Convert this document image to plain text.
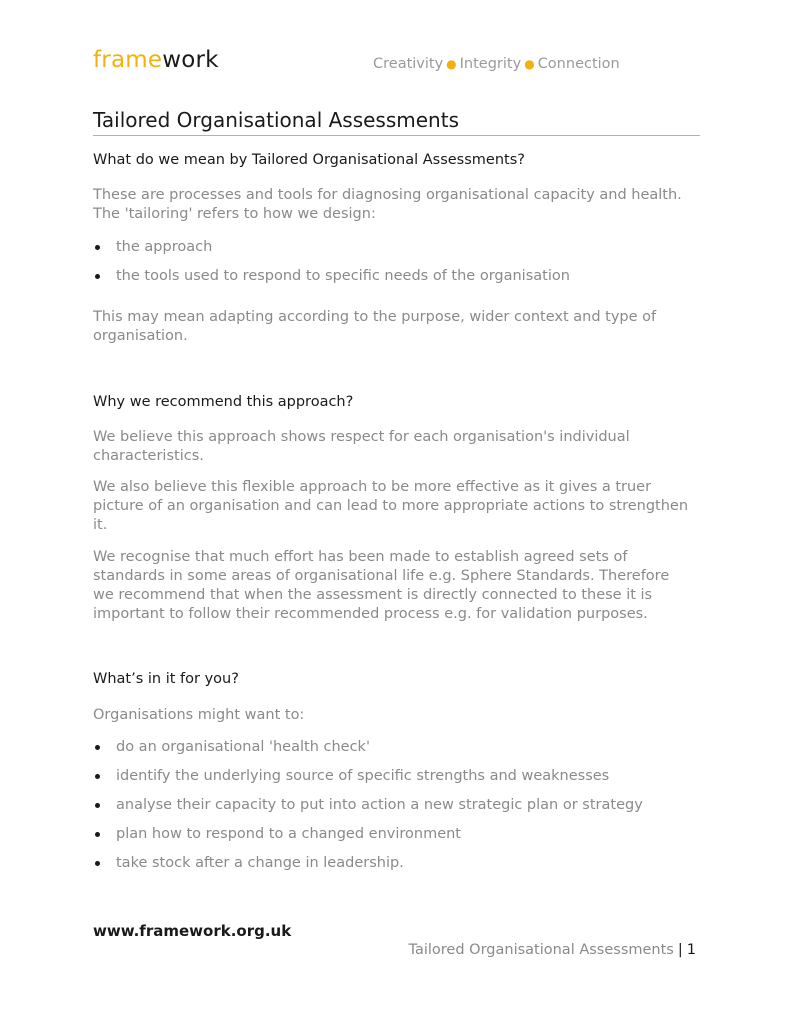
framework	Creativity ● Integrity ● Connection
Tailored Organisational Assessments
What do we mean by Tailored Organisational Assessments?

These are processes and tools for diagnosing organisational capacity and health. The 'tailoring' refers to how we design:

the approach
the tools used to respond to specific needs of the organisation

This may mean adapting according to the purpose, wider context and type of organisation.

Why we recommend this approach?

We believe this approach shows respect for each organisation's individual characteristics.

We also believe this flexible approach to be more effective as it gives a truer picture of an organisation and can lead to more appropriate actions to strengthen it.

We recognise that much effort has been made to establish agreed sets of standards in some areas of organisational life e.g. Sphere Standards. Therefore we recommend that when the assessment is directly connected to these it is important to follow their recommended process e.g. for validation purposes.

What’s in it for you?

Organisations might want to:

do an organisational 'health check'
identify the underlying source of specific strengths and weaknesses
analyse their capacity to put into action a new strategic plan or strategy
plan how to respond to a changed environment
take stock after a change in leadership.
www.framework.org.uk
Tailored Organisational Assessments | 1
